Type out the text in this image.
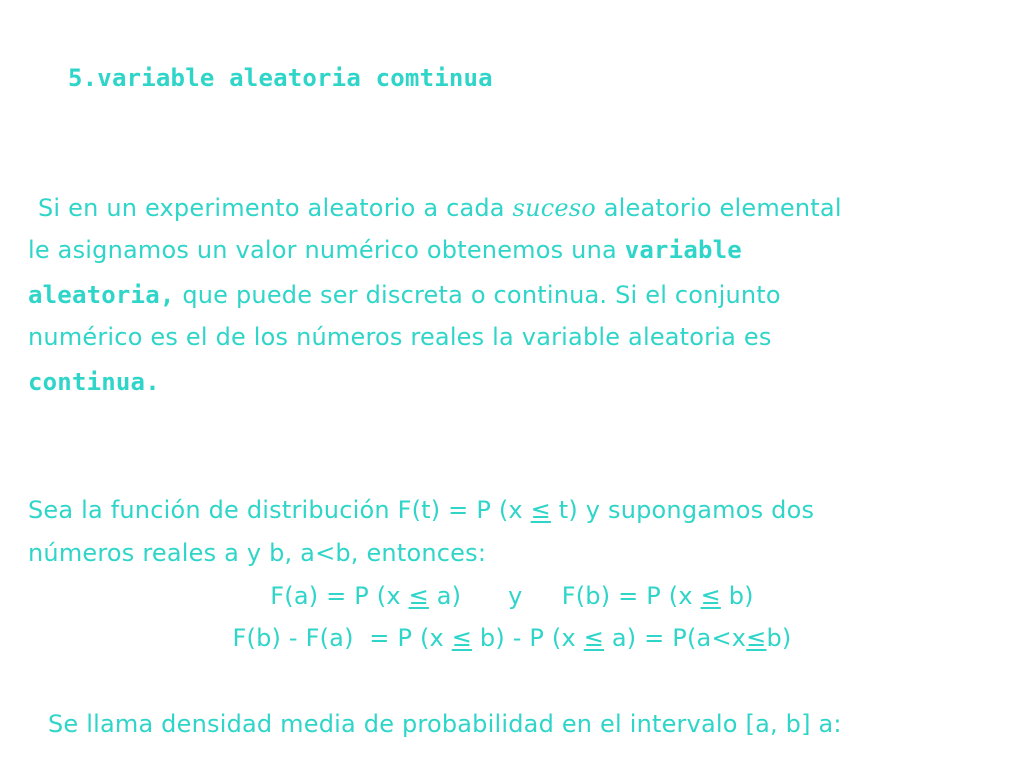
5.variable aleatoria comtinua
Si en un experimento aleatorio a cada suceso aleatorio elemental
le asignamos un valor numérico obtenemos una variable
aleatoria, que puede ser discreta o continua. Si el conjunto
numérico es el de los números reales la variable aleatoria es
continua.
Sea la función de distribución F(t) = P (x ≤ t) y supongamos dos
números reales a y b, a<b, entonces:
F(a) = P (x ≤ a)      y     F(b) = P (x ≤ b)
F(b) - F(a)  = P (x ≤ b) - P (x ≤ a) = P(a<x≤b)
Se llama densidad media de probabilidad en el intervalo [a, b] a:
